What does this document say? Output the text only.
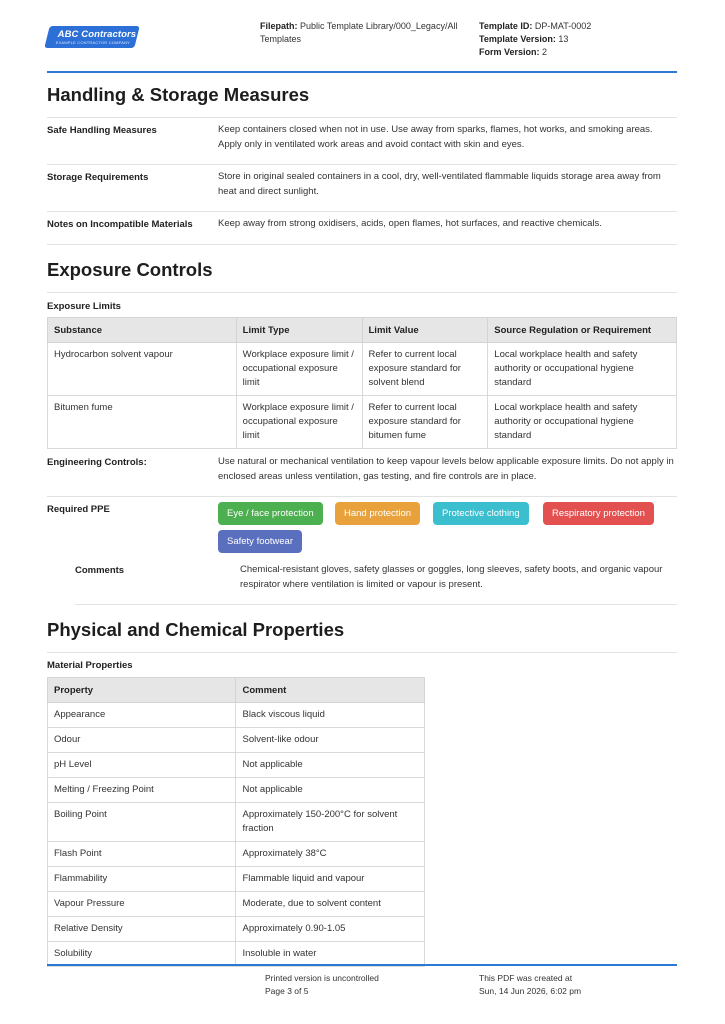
ABC Contractors
EXAMPLE CONTRACTOR COMPANY
Filepath: Public Template Library/000_Legacy/All Templates
Template ID: DP-MAT-0002
Template Version: 13
Form Version: 2
Handling & Storage Measures
Safe Handling Measures	Keep containers closed when not in use. Use away from sparks, flames, hot works, and smoking areas. Apply only in ventilated work areas and avoid contact with skin and eyes.
Storage Requirements	Store in original sealed containers in a cool, dry, well-ventilated flammable liquids storage area away from heat and direct sunlight.
Notes on Incompatible Materials	Keep away from strong oxidisers, acids, open flames, hot surfaces, and reactive chemicals.
Exposure Controls
Exposure Limits
Substance	Limit Type	Limit Value	Source Regulation or Requirement
Hydrocarbon solvent vapour	Workplace exposure limit / occupational exposure limit	Refer to current local exposure standard for solvent blend	Local workplace health and safety authority or occupational hygiene standard
Bitumen fume	Workplace exposure limit / occupational exposure limit	Refer to current local exposure standard for bitumen fume	Local workplace health and safety authority or occupational hygiene standard
Engineering Controls:	Use natural or mechanical ventilation to keep vapour levels below applicable exposure limits. Do not apply in enclosed areas unless ventilation, gas testing, and fire controls are in place.
Required PPE	Eye / face protection	Hand protection	Protective clothing	Respiratory protection
Safety footwear
Comments	Chemical-resistant gloves, safety glasses or goggles, long sleeves, safety boots, and organic vapour respirator where ventilation is limited or vapour is present.
Physical and Chemical Properties
Material Properties
Property	Comment
Appearance	Black viscous liquid
Odour	Solvent-like odour
pH Level	Not applicable
Melting / Freezing Point	Not applicable
Boiling Point	Approximately 150-200°C for solvent fraction
Flash Point	Approximately 38°C
Flammability	Flammable liquid and vapour
Vapour Pressure	Moderate, due to solvent content
Relative Density	Approximately 0.90-1.05
Solubility	Insoluble in water
Printed version is uncontrolled
Page 3 of 5
This PDF was created at
Sun, 14 Jun 2026, 6:02 pm
